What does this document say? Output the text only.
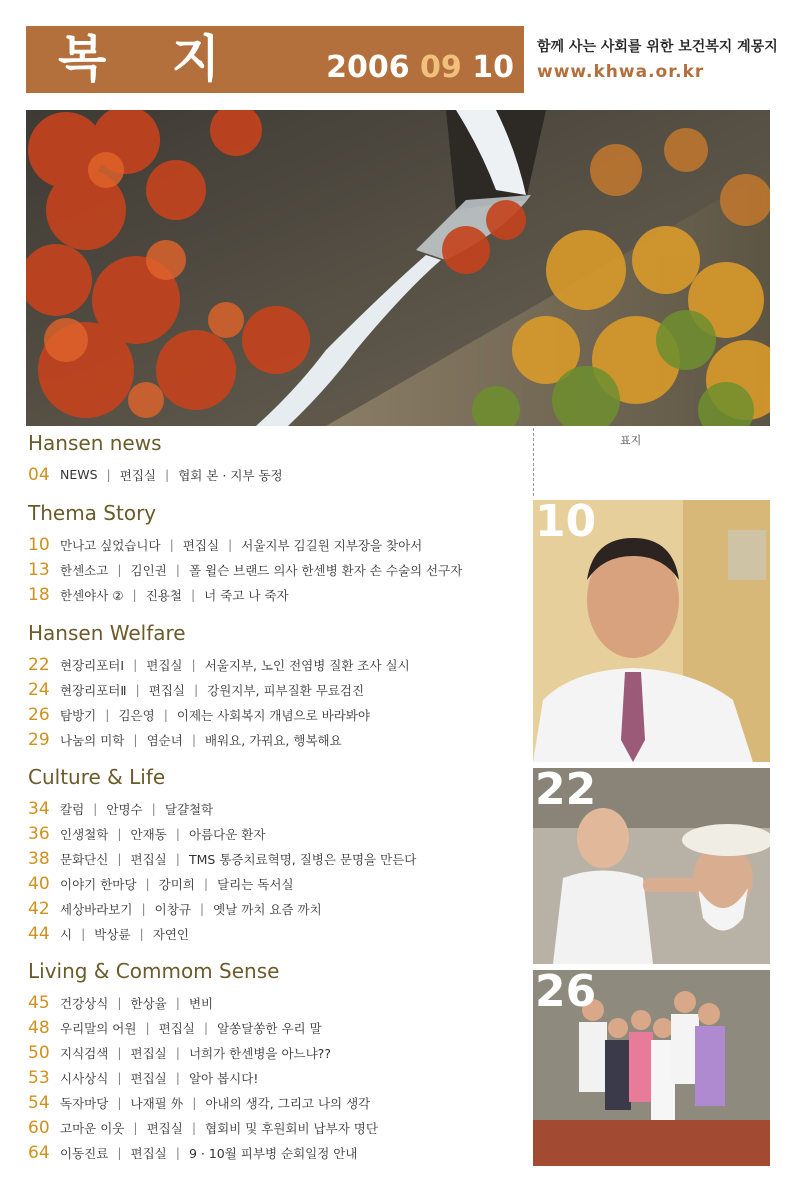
복 지	2006 09 10
함께 사는 사회를 위한 보건복지 계몽지
www.khwa.or.kr
표지
Hansen news
04 NEWS | 편집실 | 협회 본 · 지부 동정
Thema Story
10 만나고 싶었습니다 | 편집실 | 서울지부 김길원 지부장을 찾아서
13 한센소고 | 김인권 | 폴 윌슨 브랜드 의사 한센병 환자 손 수술의 선구자
18 한센야사 ② | 진용철 | 너 죽고 나 죽자
Hansen Welfare
22 현장리포터Ⅰ | 편집실 | 서울지부, 노인 전염병 질환 조사 실시
24 현장리포터Ⅱ | 편집실 | 강원지부, 피부질환 무료검진
26 탐방기 | 김은영 | 이제는 사회복지 개념으로 바라봐야
29 나눔의 미학 | 염순녀 | 배워요, 가꿔요, 행복해요
Culture & Life
34 칼럼 | 안명수 | 달걀철학
36 인생철학 | 안재동 | 아름다운 환자
38 문화단신 | 편집실 | TMS 통증치료혁명, 질병은 문명을 만든다
40 이야기 한마당 | 강미희 | 달리는 독서실
42 세상바라보기 | 이창규 | 옛날 까치 요즘 까치
44 시 | 박상륜 | 자연인
Living & Commom Sense
45 건강상식 | 한상율 | 변비
48 우리말의 어원 | 편집실 | 알쏭달쏭한 우리 말
50 지식검색 | 편집실 | 너희가 한센병을 아느냐??
53 시사상식 | 편집실 | 알아 봅시다!
54 독자마당 | 나재필 外 | 아내의 생각, 그리고 나의 생각
60 고마운 이웃 | 편집실 | 협회비 및 후원회비 납부자 명단
64 이동진료 | 편집실 | 9 · 10월 피부병 순회일정 안내
10
22
26
